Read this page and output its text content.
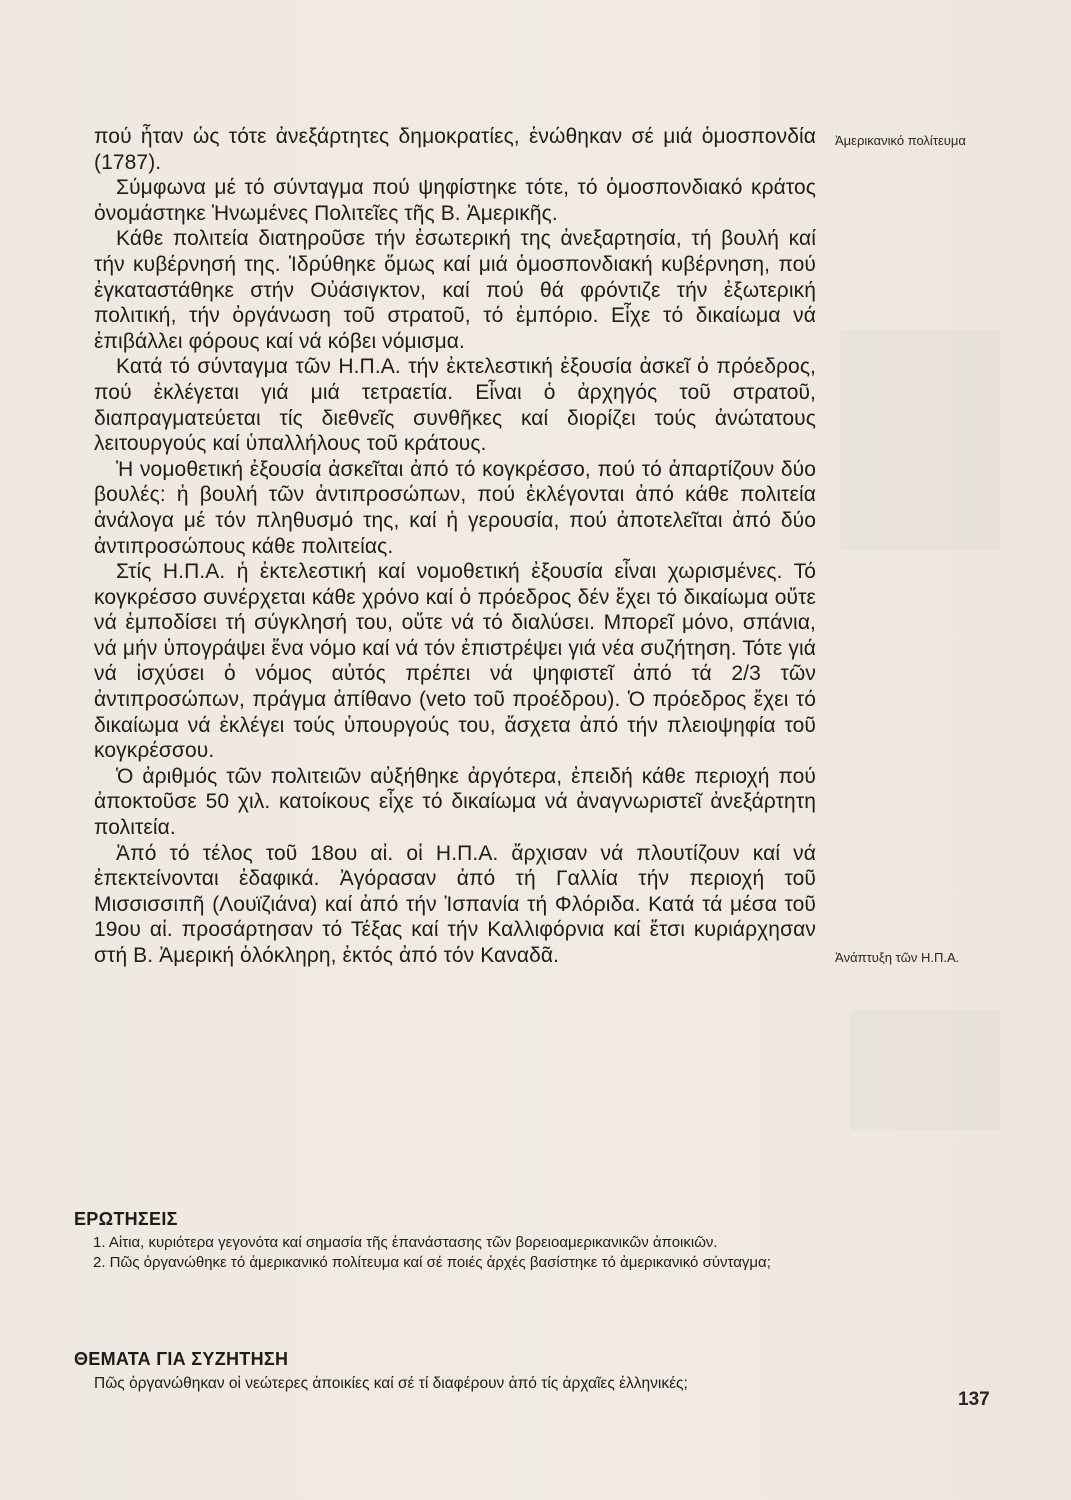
πού ἦταν ὡς τότε ἀνεξάρτητες δημοκρατίες, ἑνώθηκαν σέ μιά ὁμοσπονδία (1787).

Σύμφωνα μέ τό σύνταγμα πού ψηφίστηκε τότε, τό ὁμοσπονδιακό κράτος ὀνομάστηκε Ἡνωμένες Πολιτεῖες τῆς Β. Ἀμερικῆς.

Κάθε πολιτεία διατηροῦσε τήν ἐσωτερική της ἀνεξαρτησία, τή βουλή καί τήν κυβέρνησή της. Ἱδρύθηκε ὅμως καί μιά ὁμοσπονδιακή κυβέρνηση, πού ἐγκαταστάθηκε στήν Οὐάσιγκτον, καί πού θά φρόντιζε τήν ἐξωτερική πολιτική, τήν ὀργάνωση τοῦ στρατοῦ, τό ἐμπόριο. Εἶχε τό δικαίωμα νά ἐπιβάλλει φόρους καί νά κόβει νόμισμα.

Κατά τό σύνταγμα τῶν Η.Π.Α. τήν ἐκτελεστική ἐξουσία ἀσκεῖ ὁ πρόεδρος, πού ἐκλέγεται γιά μιά τετραετία. Εἶναι ὁ ἀρχηγός τοῦ στρατοῦ, διαπραγματεύεται τίς διεθνεῖς συνθῆκες καί διορίζει τούς ἀνώτατους λειτουργούς καί ὑπαλλήλους τοῦ κράτους.

Ἡ νομοθετική ἐξουσία ἀσκεῖται ἀπό τό κογκρέσσο, πού τό ἀπαρτίζουν δύο βουλές: ἡ βουλή τῶν ἀντιπροσώπων, πού ἐκλέγονται ἀπό κάθε πολιτεία ἀνάλογα μέ τόν πληθυσμό της, καί ἡ γερουσία, πού ἀποτελεῖται ἀπό δύο ἀντιπροσώπους κάθε πολιτείας.

Στίς Η.Π.Α. ἡ ἐκτελεστική καί νομοθετική ἐξουσία εἶναι χωρισμένες. Τό κογκρέσσο συνέρχεται κάθε χρόνο καί ὁ πρόεδρος δέν ἔχει τό δικαίωμα οὔτε νά ἐμποδίσει τή σύγκλησή του, οὔτε νά τό διαλύσει. Μπορεῖ μόνο, σπάνια, νά μήν ὑπογράψει ἕνα νόμο καί νά τόν ἐπιστρέψει γιά νέα συζήτηση. Τότε γιά νά ἰσχύσει ὁ νόμος αὐτός πρέπει νά ψηφιστεῖ ἀπό τά 2/3 τῶν ἀντιπροσώπων, πράγμα ἀπίθανο (veto τοῦ προέδρου). Ὁ πρόεδρος ἔχει τό δικαίωμα νά ἐκλέγει τούς ὑπουργούς του, ἄσχετα ἀπό τήν πλειοψηφία τοῦ κογκρέσσου.

Ὁ ἀριθμός τῶν πολιτειῶν αὐξήθηκε ἀργότερα, ἐπειδή κάθε περιοχή πού ἀποκτοῦσε 50 χιλ. κατοίκους εἶχε τό δικαίωμα νά ἀναγνωριστεῖ ἀνεξάρτητη πολιτεία.

Ἀπό τό τέλος τοῦ 18ου αἰ. οἱ Η.Π.Α. ἄρχισαν νά πλουτίζουν καί νά ἐπεκτείνονται ἐδαφικά. Ἀγόρασαν ἀπό τή Γαλλία τήν περιοχή τοῦ Μισσισσιπῆ (Λουϊζιάνα) καί ἀπό τήν Ἰσπανία τή Φλόριδα. Κατά τά μέσα τοῦ 19ου αἰ. προσάρτησαν τό Τέξας καί τήν Καλλιφόρνια καί ἔτσι κυριάρχησαν στή Β. Ἀμερική ὁλόκληρη, ἐκτός ἀπό τόν Καναδᾶ.

Ἀμερικανικό πολίτευμα
Ἀνάπτυξη τῶν Η.Π.Α.
ΕΡΩΤΗΣΕΙΣ

1. Αἰτια, κυριότερα γεγονότα καί σημασία τῆς ἐπανάστασης τῶν βορειοαμερικανικῶν ἀποικιῶν.

2. Πῶς ὀργανώθηκε τό ἀμερικανικό πολίτευμα καί σέ ποιές ἀρχές βασίστηκε τό ἀμερικανικό σύνταγμα;

ΘΕΜΑΤΑ ΓΙΑ ΣΥΖΗΤΗΣΗ
Πῶς ὀργανώθηκαν οἱ νεώτερες ἀποικίες καί σέ τί διαφέρουν ἀπό τίς ἀρχαῖες ἑλληνικές;
137
